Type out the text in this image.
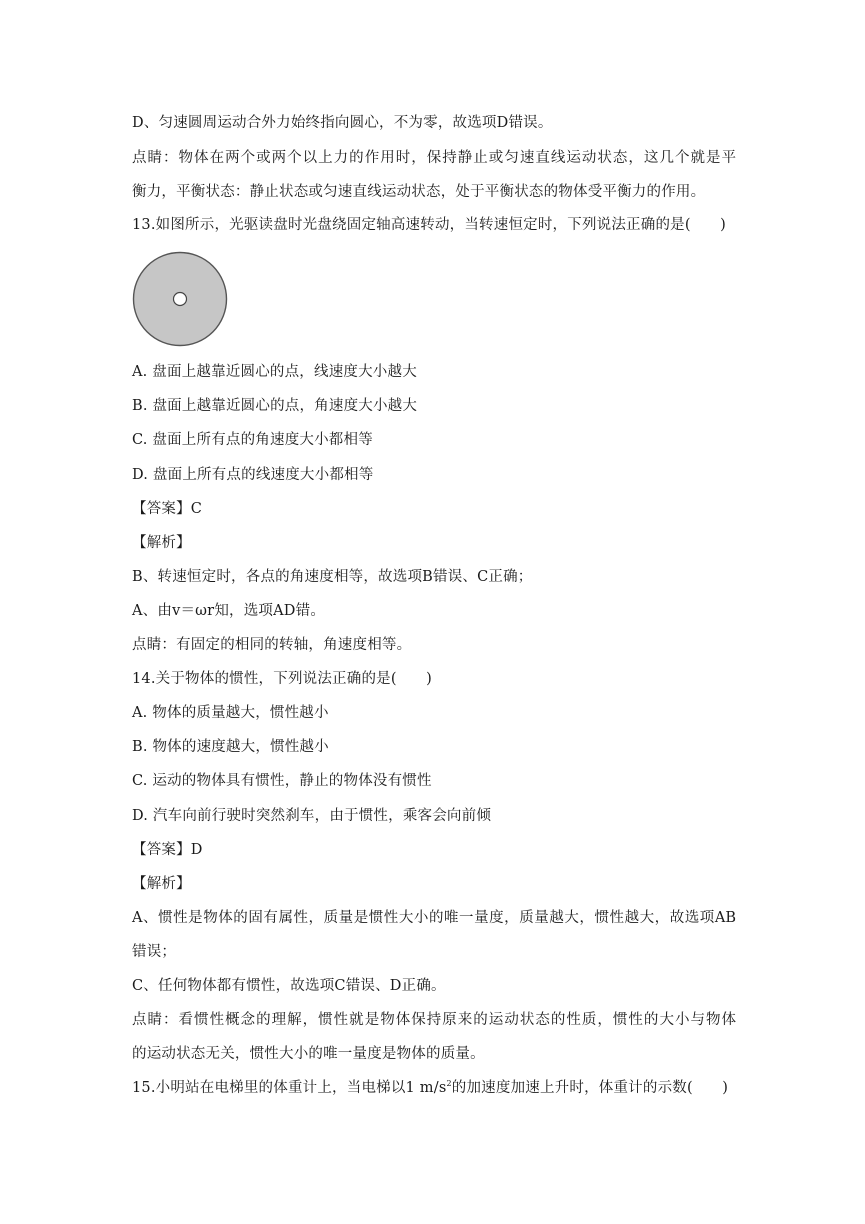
D、匀速圆周运动合外力始终指向圆心，不为零，故选项D错误。
点睛：物体在两个或两个以上力的作用时，保持静止或匀速直线运动状态，这几个就是平
衡力，平衡状态：静止状态或匀速直线运动状态，处于平衡状态的物体受平衡力的作用。
13.如图所示，光驱读盘时光盘绕固定轴高速转动，当转速恒定时，下列说法正确的是(　　)
A. 盘面上越靠近圆心的点，线速度大小越大
B. 盘面上越靠近圆心的点，角速度大小越大
C. 盘面上所有点的角速度大小都相等
D. 盘面上所有点的线速度大小都相等
【答案】C
【解析】
B、转速恒定时，各点的角速度相等，故选项B错误、C正确；
A、由v＝ωr知，选项AD错。
点睛：有固定的相同的转轴，角速度相等。
14.关于物体的惯性，下列说法正确的是(　　)
A. 物体的质量越大，惯性越小
B. 物体的速度越大，惯性越小
C. 运动的物体具有惯性，静止的物体没有惯性
D. 汽车向前行驶时突然刹车，由于惯性，乘客会向前倾
【答案】D
【解析】
A、惯性是物体的固有属性，质量是惯性大小的唯一量度，质量越大，惯性越大，故选项AB
错误；
C、任何物体都有惯性，故选项C错误、D正确。
点睛：看惯性概念的理解，惯性就是物体保持原来的运动状态的性质，惯性的大小与物体
的运动状态无关，惯性大小的唯一量度是物体的质量。
15.小明站在电梯里的体重计上，当电梯以1 $m/s^2$的加速度加速上升时，体重计的示数(　　)
